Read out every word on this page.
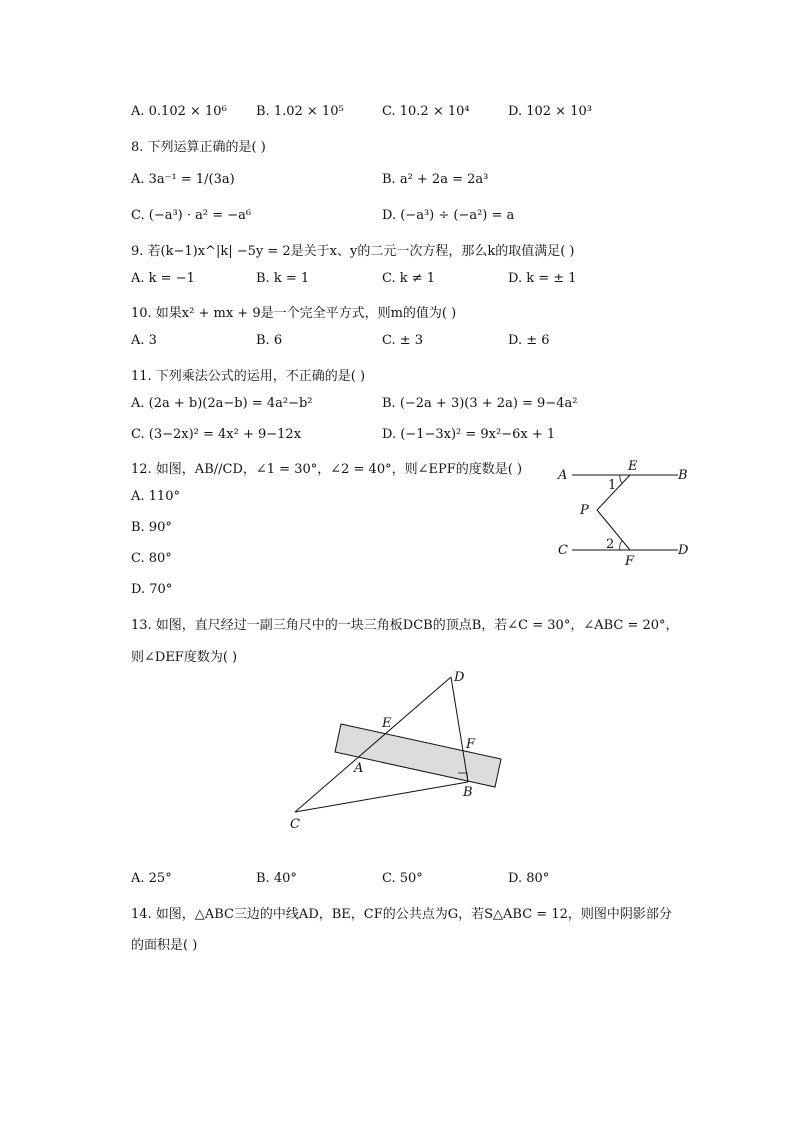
A. 0.102 × 10⁶ B. 1.02 × 10⁵	C. 10.2 × 10⁴	D. 102 × 10³
8. 下列运算正确的是( )
A. 3a⁻¹ = 1/(3a)	B. a² + 2a = 2a³
C. (−a³) · a² = −a⁶	D. (−a³) ÷ (−a²) = a
9. 若(k−1)x^|k| −5y = 2是关于x、y的二元一次方程，那么k的取值满足( )
A. k = −1	B. k = 1	C. k ≠ 1	D. k = ± 1
10. 如果x² + mx + 9是一个完全平方式，则m的值为( )
A. 3	B. 6	C. ± 3	D. ± 6
11. 下列乘法公式的运用，不正确的是( )
A. (2a + b)(2a−b) = 4a²−b²	B. (−2a + 3)(3 + 2a) = 9−4a²
C. (3−2x)² = 4x² + 9−12x	D. (−1−3x)² = 9x²−6x + 1
12. 如图，AB//CD，∠1 = 30°，∠2 = 40°，则∠EPF的度数是( )
A. 110°
B. 90°
C. 80°
D. 70°
A
E
B
1
P
C	2
F
D
13. 如图，直尺经过一副三角尺中的一块三角板DCB的顶点B，若∠C = 30°，∠ABC = 20°，
则∠DEF度数为( )
D
E
F
A
B
C
A. 25°	B. 40°	C. 50°	D. 80°
14. 如图，△ABC三边的中线AD，BE，CF的公共点为G，若S△ABC = 12，则图中阴影部分
的面积是( )
